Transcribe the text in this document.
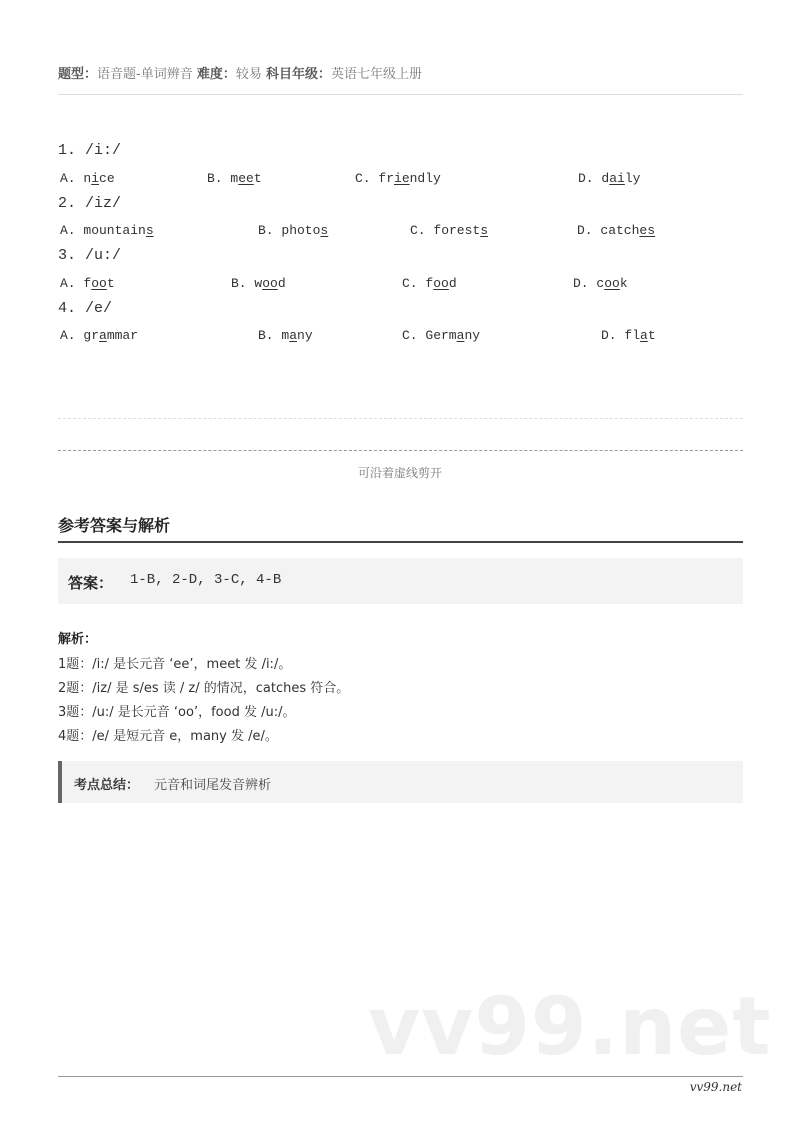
题型：语音题-单词辨音 难度：较易 科目年级：英语七年级上册
1. /i:/
A. nice	B. meet	C. friendly	D. daily
2. /iz/
A. mountains	B. photos	C. forests	D. catches
3. /u:/
A. foot	B. wood	C. food	D. cook
4. /e/
A. grammar	B. many	C. Germany	D. flat
可沿着虚线剪开
参考答案与解析
答案： 1-B, 2-D, 3-C, 4-B
解析：
1题：/i:/ 是长元音 ‘ee’，meet 发 /i:/。
2题：/iz/ 是 s/es 读 / z/ 的情况，catches 符合。
3题：/u:/ 是长元音 ‘oo’，food 发 /u:/。
4题：/e/ 是短元音 e，many 发 /e/。
考点总结： 元音和词尾发音辨析
vv99.net
vv99.net
